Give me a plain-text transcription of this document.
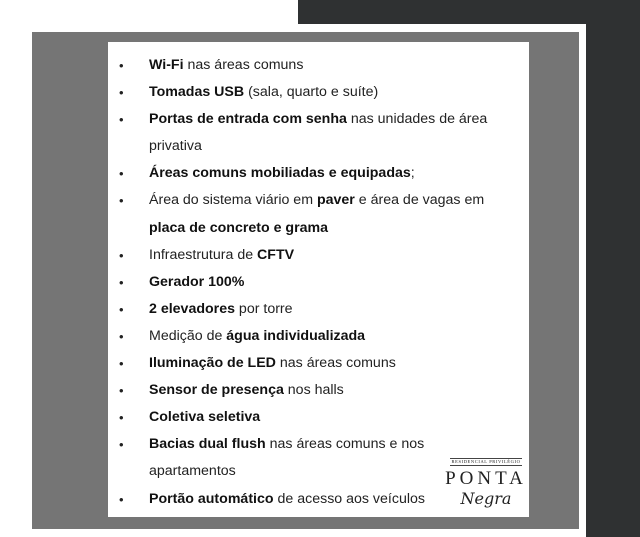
• Wi-Fi nas áreas comuns
• Tomadas USB (sala, quarto e suíte)
• Portas de entrada com senha nas unidades de área
privativa
• Áreas comuns mobiliadas e equipadas;
• Área do sistema viário em paver e área de vagas em
placa de concreto e grama
• Infraestrutura de CFTV
• Gerador 100%
• 2 elevadores por torre
• Medição de água individualizada
• Iluminação de LED nas áreas comuns
• Sensor de presença nos halls
• Coletiva seletiva
• Bacias dual flush nas áreas comuns e nos
apartamentos
• Portão automático de acesso aos veículos
RESIDENCIAL PRIVILÉGIO
PONTA
Negra
